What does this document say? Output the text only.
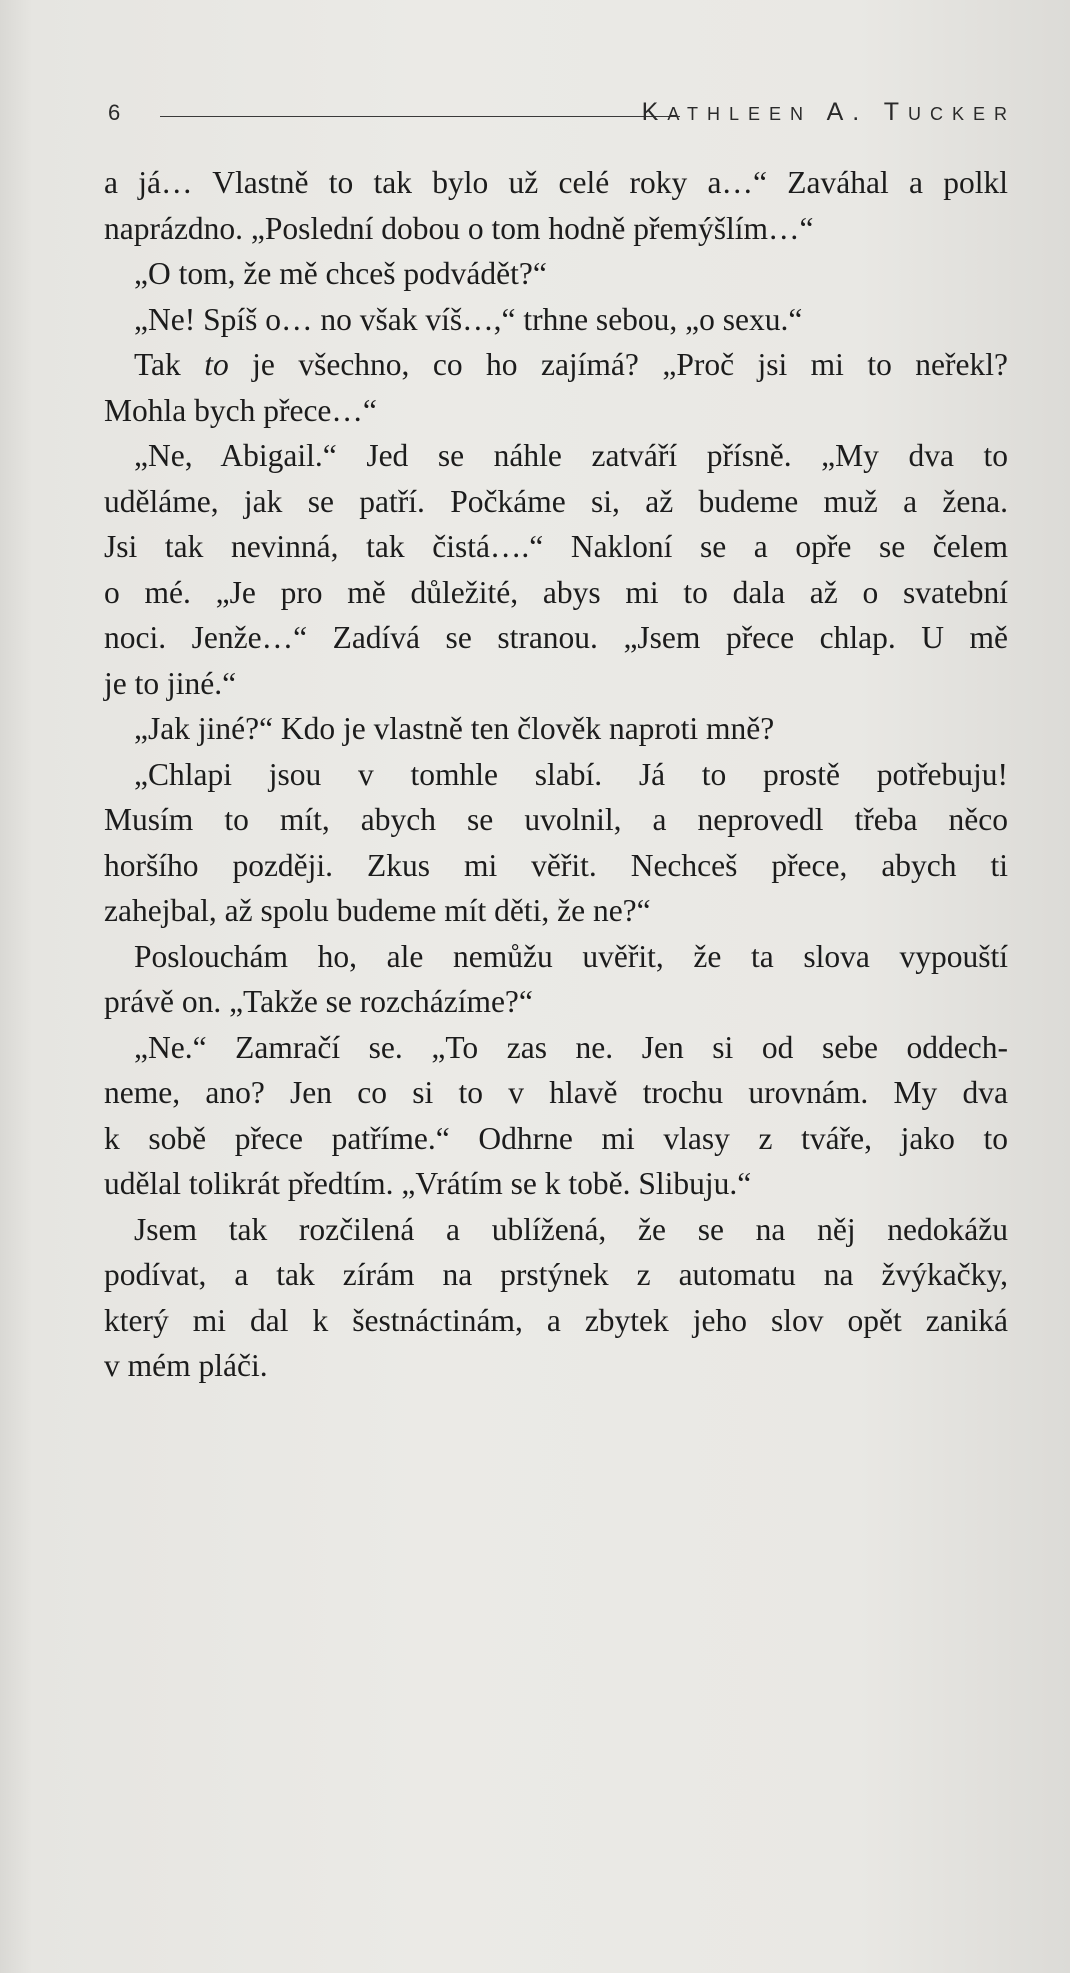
6	Kathleen A. Tucker
a já… Vlastně to tak bylo už celé roky a…“ Zaváhal a polkl
naprázdno. „Poslední dobou o tom hodně přemýšlím…“
„O tom, že mě chceš podvádět?“
„Ne! Spíš o… no však víš…,“ trhne sebou, „o sexu.“
Tak to je všechno, co ho zajímá? „Proč jsi mi to neřekl?
Mohla bych přece…“
„Ne, Abigail.“ Jed se náhle zatváří přísně. „My dva to
uděláme, jak se patří. Počkáme si, až budeme muž a žena.
Jsi tak nevinná, tak čistá….“ Nakloní se a opře se čelem
o mé. „Je pro mě důležité, abys mi to dala až o svatební
noci. Jenže…“ Zadívá se stranou. „Jsem přece chlap. U mě
je to jiné.“
„Jak jiné?“ Kdo je vlastně ten člověk naproti mně?
„Chlapi jsou v tomhle slabí. Já to prostě potřebuju!
Musím to mít, abych se uvolnil, a neprovedl třeba něco
horšího později. Zkus mi věřit. Nechceš přece, abych ti
zahejbal, až spolu budeme mít děti, že ne?“
Poslouchám ho, ale nemůžu uvěřit, že ta slova vypouští
právě on. „Takže se rozcházíme?“
„Ne.“ Zamračí se. „To zas ne. Jen si od sebe oddech-
neme, ano? Jen co si to v hlavě trochu urovnám. My dva
k sobě přece patříme.“ Odhrne mi vlasy z tváře, jako to
udělal tolikrát předtím. „Vrátím se k tobě. Slibuju.“
Jsem tak rozčilená a ublížená, že se na něj nedokážu
podívat, a tak zírám na prstýnek z automatu na žvýkačky,
který mi dal k šestnáctinám, a zbytek jeho slov opět zaniká
v mém pláči.
